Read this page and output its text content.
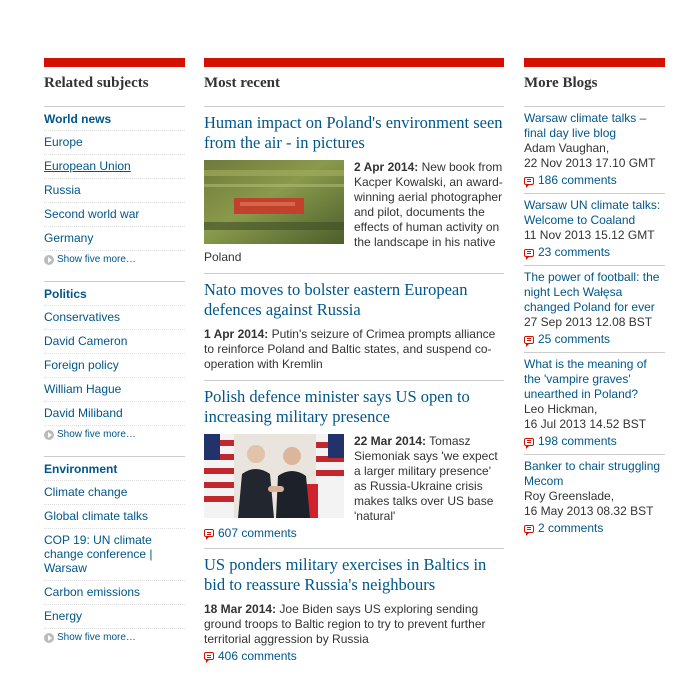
Related subjects
World news
Europe
European Union
Russia
Second world war
Germany
Show five more…
Politics
Conservatives
David Cameron
Foreign policy
William Hague
David Miliband
Show five more…
Environment
Climate change
Global climate talks
COP 19: UN climate change conference | Warsaw
Carbon emissions
Energy
Show five more…
Most recent
Human impact on Poland's environment seen from the air - in pictures
2 Apr 2014: New book from Kacper Kowalski, an award-winning aerial photographer and pilot, documents the effects of human activity on the landscape in his native Poland
Nato moves to bolster eastern European defences against Russia
1 Apr 2014: Putin's seizure of Crimea prompts alliance to reinforce Poland and Baltic states, and suspend co-operation with Kremlin
Polish defence minister says US open to increasing military presence
22 Mar 2014: Tomasz Siemoniak says 'we expect a larger military presence' as Russia-Ukraine crisis makes talks over US base 'natural'
607 comments
US ponders military exercises in Baltics in bid to reassure Russia's neighbours
18 Mar 2014: Joe Biden says US exploring sending ground troops to Baltic region to try to prevent further territorial aggression by Russia
406 comments
More Blogs
Warsaw climate talks – final day live blog
Adam Vaughan,
22 Nov 2013 17.10 GMT
186 comments
Warsaw UN climate talks: Welcome to Coaland
11 Nov 2013 15.12 GMT
23 comments
The power of football: the night Lech Wałęsa changed Poland for ever
27 Sep 2013 12.08 BST
25 comments
What is the meaning of the 'vampire graves' unearthed in Poland?
Leo Hickman,
16 Jul 2013 14.52 BST
198 comments
Banker to chair struggling Mecom
Roy Greenslade,
16 May 2013 08.32 BST
2 comments
